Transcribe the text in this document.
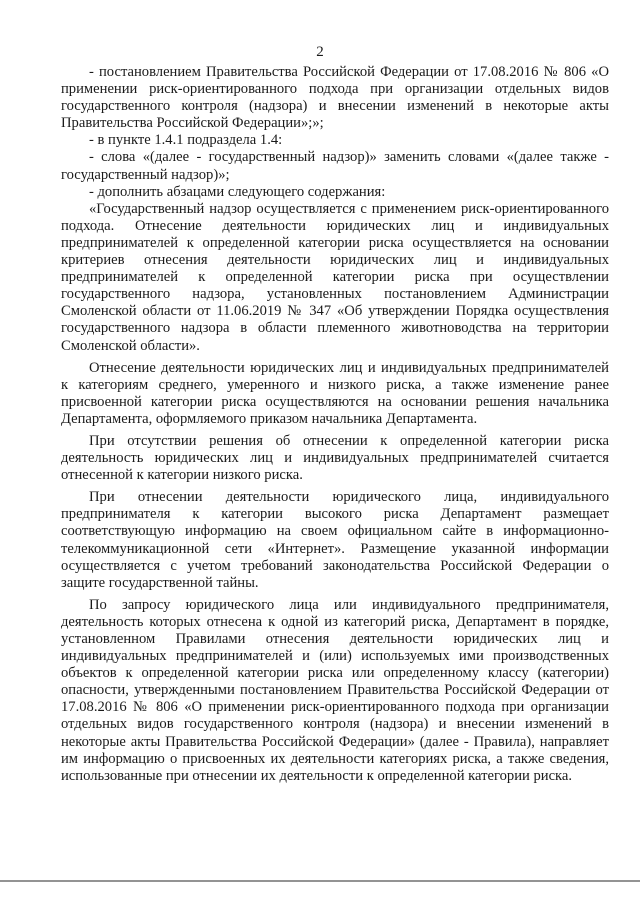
2

- постановлением Правительства Российской Федерации от 17.08.2016 № 806 «О применении риск-ориентированного подхода при организации отдельных видов государственного контроля (надзора) и внесении изменений в некоторые акты Правительства Российской Федерации»;»;

- в пункте 1.4.1 подраздела 1.4:

- слова «(далее - государственный надзор)» заменить словами «(далее также - государственный надзор)»;

- дополнить абзацами следующего содержания:

«Государственный надзор осуществляется с применением риск-ориентированного подхода. Отнесение деятельности юридических лиц и индивидуальных предпринимателей к определенной категории риска осуществляется на основании критериев отнесения деятельности юридических лиц и индивидуальных предпринимателей к определенной категории риска при осуществлении государственного надзора, установленных постановлением Администрации Смоленской области от 11.06.2019 № 347 «Об утверждении Порядка осуществления государственного надзора в области племенного животноводства на территории Смоленской области».

Отнесение деятельности юридических лиц и индивидуальных предпринимателей к категориям среднего, умеренного и низкого риска, а также изменение ранее присвоенной категории риска осуществляются на основании решения начальника Департамента, оформляемого приказом начальника Департамента.

При отсутствии решения об отнесении к определенной категории риска деятельность юридических лиц и индивидуальных предпринимателей считается отнесенной к категории низкого риска.

При отнесении деятельности юридического лица, индивидуального предпринимателя к категории высокого риска Департамент размещает соответствующую информацию на своем официальном сайте в информационно-телекоммуникационной сети «Интернет». Размещение указанной информации осуществляется с учетом требований законодательства Российской Федерации о защите государственной тайны.

По запросу юридического лица или индивидуального предпринимателя, деятельность которых отнесена к одной из категорий риска, Департамент в порядке, установленном Правилами отнесения деятельности юридических лиц и индивидуальных предпринимателей и (или) используемых ими производственных объектов к определенной категории риска или определенному классу (категории) опасности, утвержденными постановлением Правительства Российской Федерации от 17.08.2016 № 806 «О применении риск-ориентированного подхода при организации отдельных видов государственного контроля (надзора) и внесении изменений в некоторые акты Правительства Российской Федерации» (далее - Правила), направляет им информацию о присвоенных их деятельности категориях риска, а также сведения, использованные при отнесении их деятельности к определенной категории риска.
